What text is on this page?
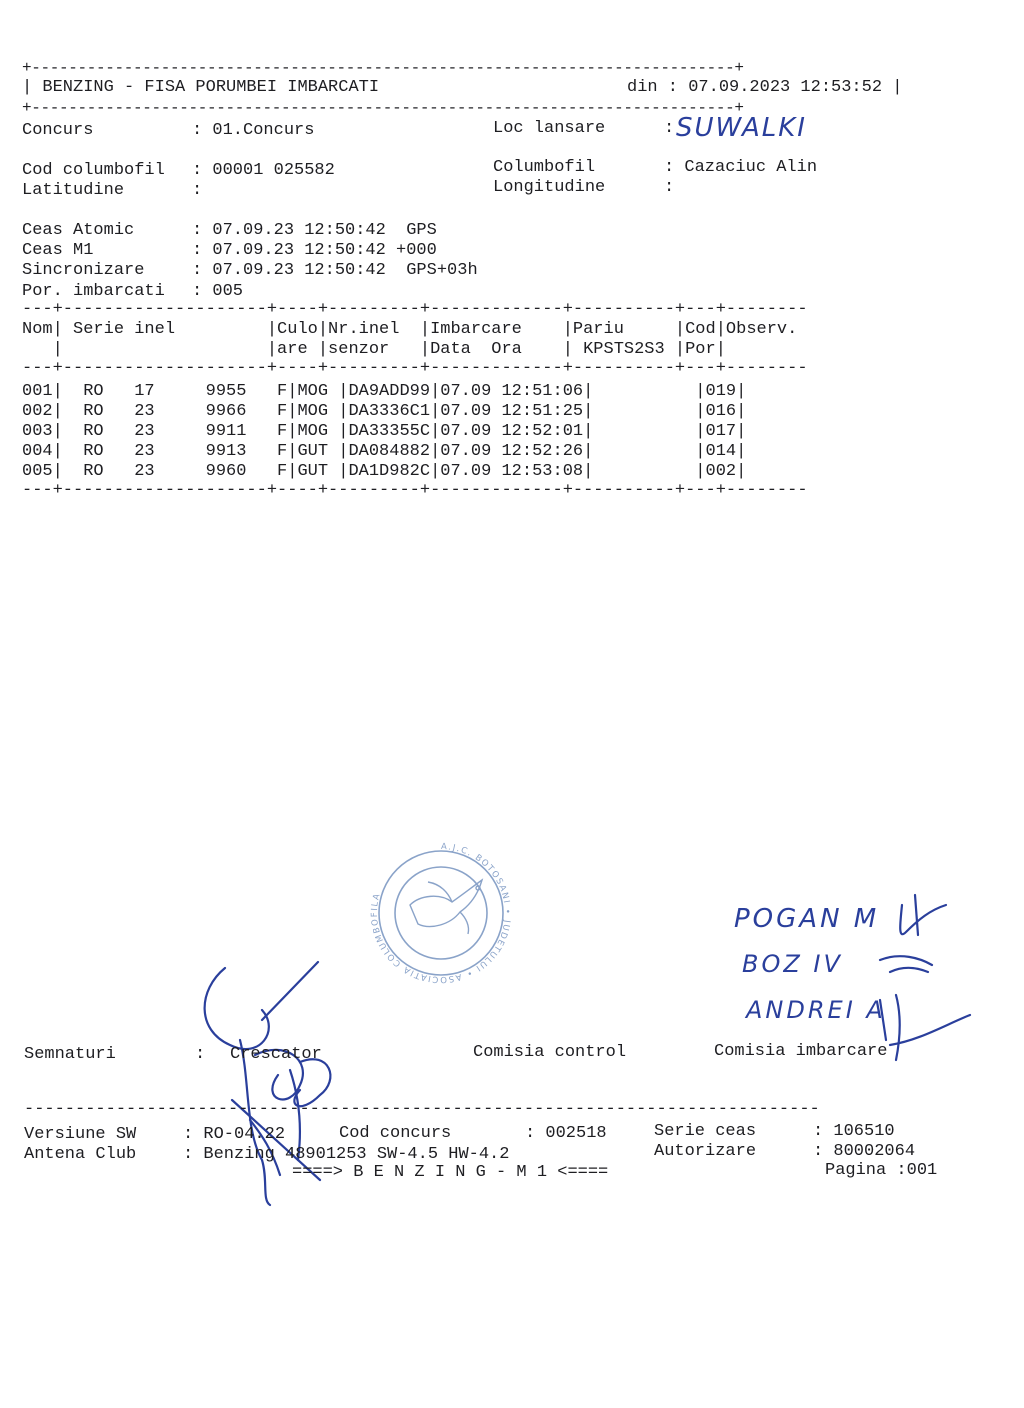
+----------------------------------------------------------------------------+
| BENZING - FISA PORUMBEI IMBARCATI	din : 07.09.2023 12:53:52 |
+----------------------------------------------------------------------------+
Concurs	: 01.Concurs	Loc lansare	: SUWALKI
Cod columbofil : 00001 025582	Columbofil	: Cazaciuc Alin
Latitudine	:	Longitudine	:
Ceas Atomic	: 07.09.23 12:50:42  GPS
Ceas M1	: 07.09.23 12:50:42 +000
Sincronizare	: 07.09.23 12:50:42  GPS+03h
Por. imbarcati : 005
---+--------------------+----+---------+-------------+----------+---+--------
Nom| Serie inel         |Culo|Nr.inel  |Imbarcare    |Pariu     |Cod|Observ.
|                    |are |senzor   |Data  Ora    | KPSTS2S3 |Por|
---+--------------------+----+---------+-------------+----------+---+--------
001|  RO   17     9955   F|MOG |DA9ADD99|07.09 12:51:06|          |019|
002|  RO   23     9966   F|MOG |DA3336C1|07.09 12:51:25|          |016|
003|  RO   23     9911   F|MOG |DA33355C|07.09 12:52:01|          |017|
004|  RO   23     9913   F|GUT |DA084882|07.09 12:52:26|          |014|
005|  RO   23     9960   F|GUT |DA1D982C|07.09 12:53:08|          |002|
---+--------------------+----+---------+-------------+----------+---+--------
A.J.C. BOTOSANI • JUDETULUI • ASOCIATIA COLUMBOFILA
POGAN M
BOZ IV
ANDREI A
Semnaturi	: Crescator	Comisia control	Comisia imbarcare
------------------------------------------------------------------------------
Versiune SW	: RO-04.22	Cod concurs	: 002518	Serie ceas	: 106510
Antena Club	: Benzing 48901253 SW-4.5 HW-4.2	Autorizare	: 80002064
====> B E N Z I N G - M 1 <====	Pagina :001
